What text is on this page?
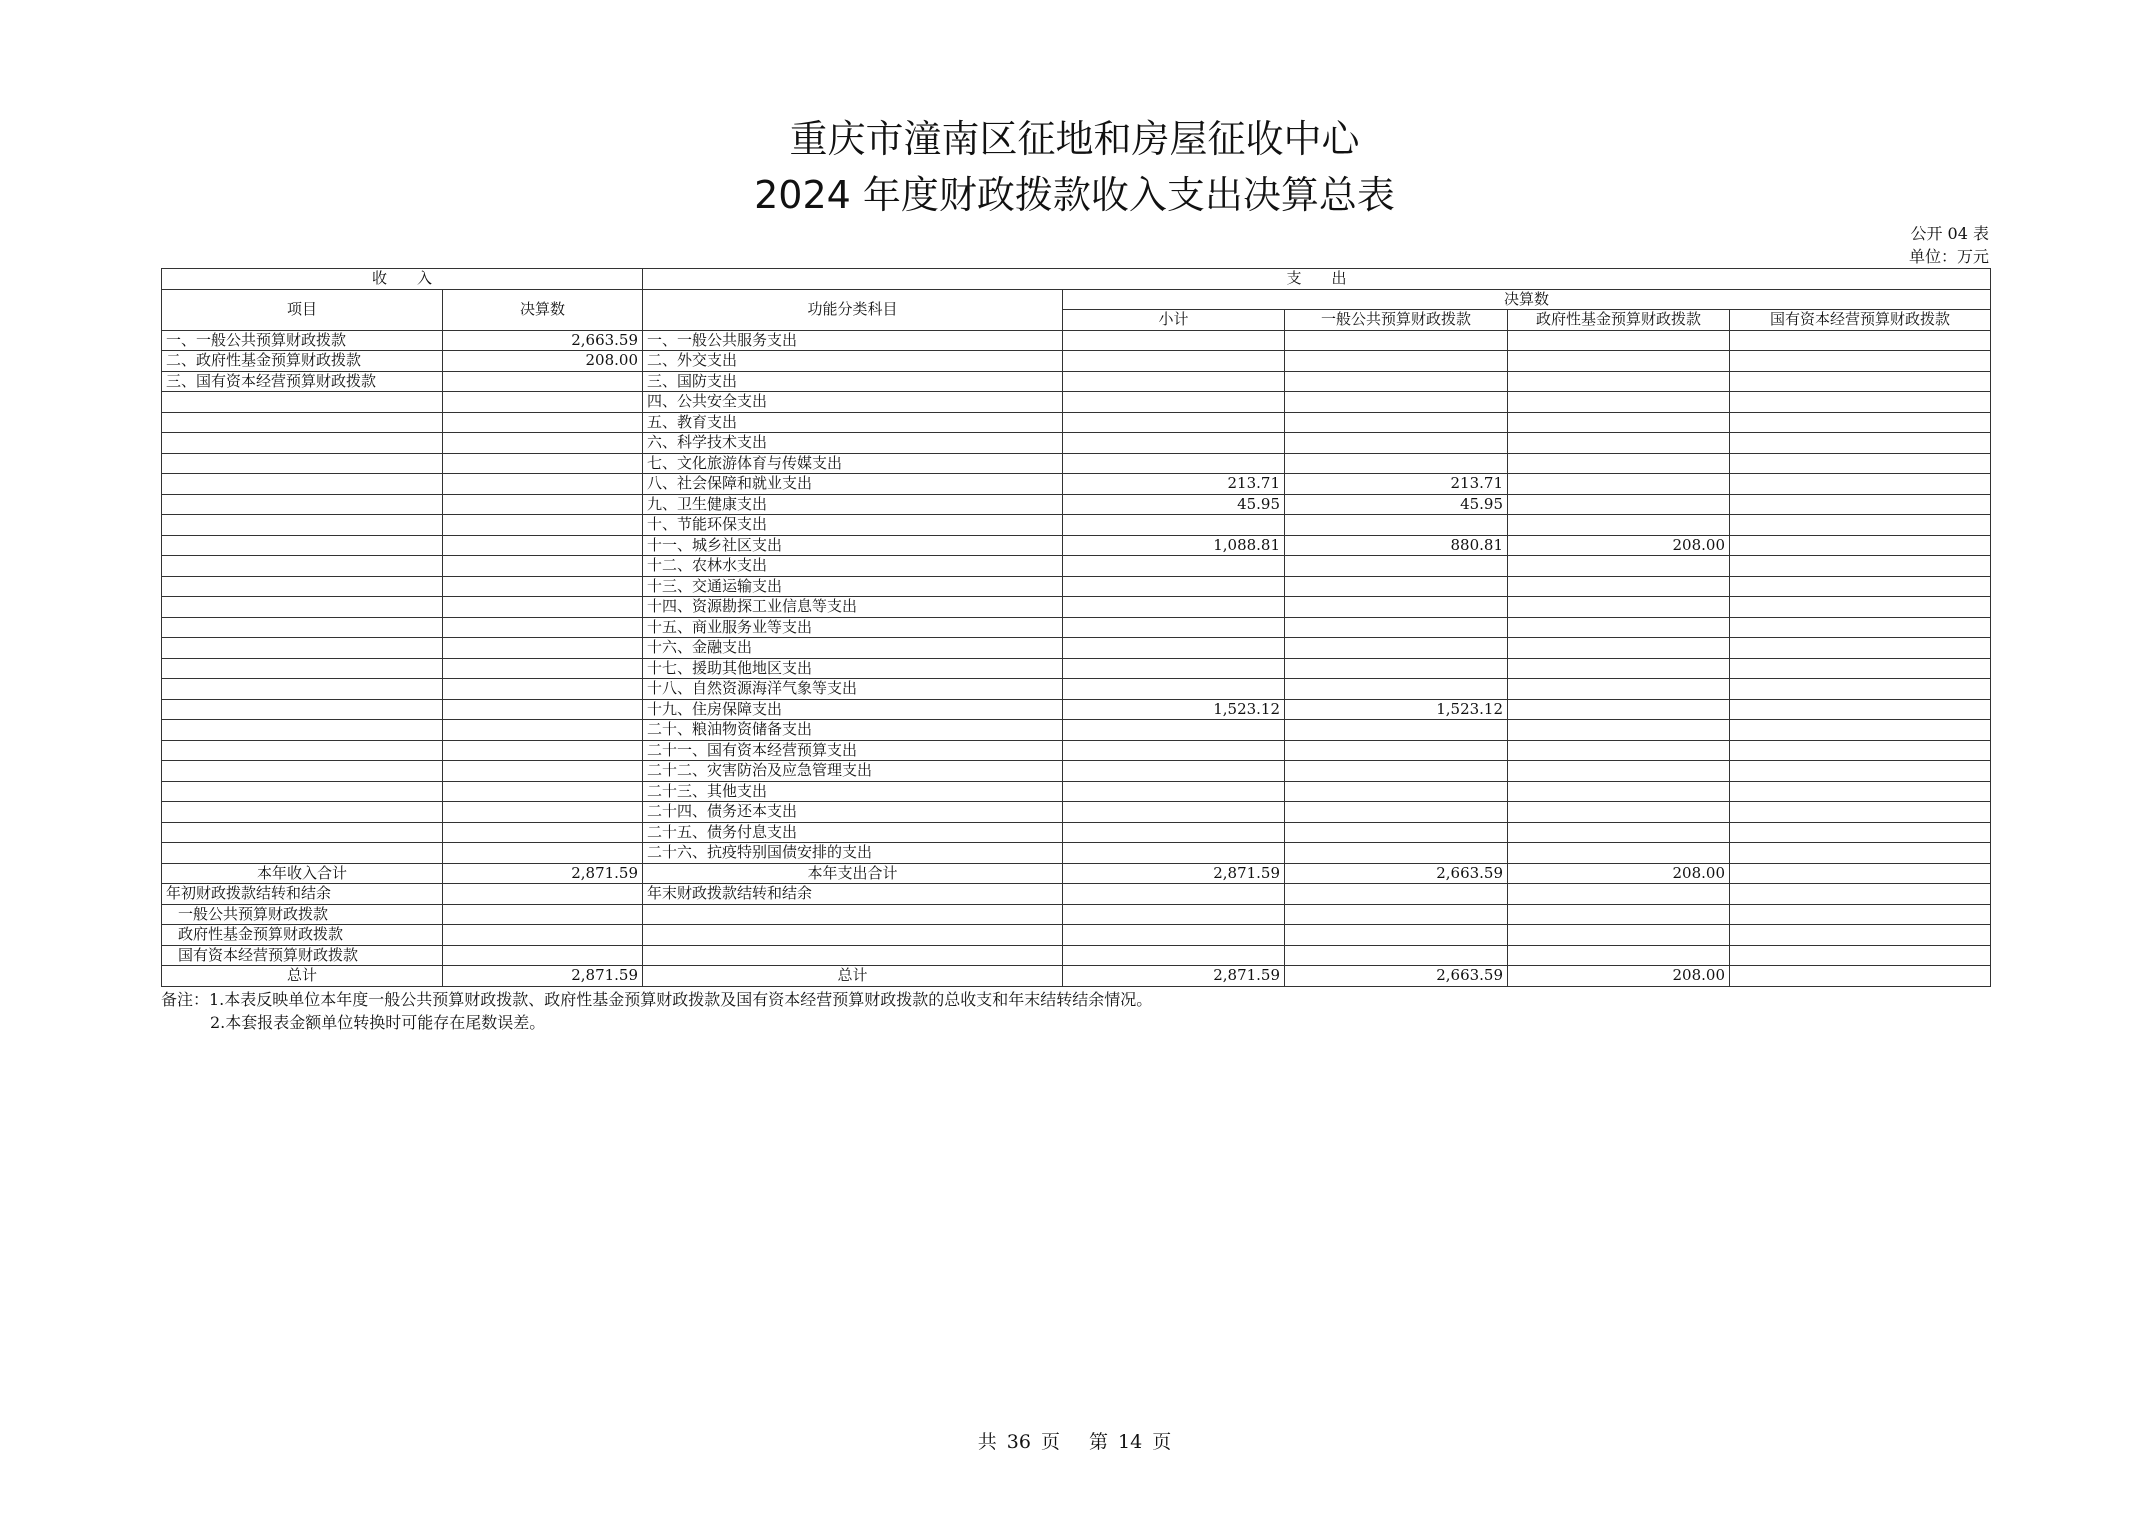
重庆市潼南区征地和房屋征收中心
2024 年度财政拨款收入支出决算总表
公开 04 表
单位：万元
收　　入		支　　出				
项目	决算数	功能分类科目	决算数			
			小计	一般公共预算财政拨款	政府性基金预算财政拨款	国有资本经营预算财政拨款
一、一般公共预算财政拨款	2,663.59	一、一般公共服务支出				
二、政府性基金预算财政拨款	208.00	二、外交支出				
三、国有资本经营预算财政拨款		三、国防支出				
		四、公共安全支出				
		五、教育支出				
		六、科学技术支出				
		七、文化旅游体育与传媒支出				
		八、社会保障和就业支出	213.71	213.71		
		九、卫生健康支出	45.95	45.95		
		十、节能环保支出				
		十一、城乡社区支出	1,088.81	880.81	208.00	
		十二、农林水支出				
		十三、交通运输支出				
		十四、资源勘探工业信息等支出				
		十五、商业服务业等支出				
		十六、金融支出				
		十七、援助其他地区支出				
		十八、自然资源海洋气象等支出				
		十九、住房保障支出	1,523.12	1,523.12		
		二十、粮油物资储备支出				
		二十一、国有资本经营预算支出				
		二十二、灾害防治及应急管理支出				
		二十三、其他支出				
		二十四、债务还本支出				
		二十五、债务付息支出				
		二十六、抗疫特别国债安排的支出				
本年收入合计	2,871.59	本年支出合计	2,871.59	2,663.59	208.00	
年初财政拨款结转和结余		年末财政拨款结转和结余				
一般公共预算财政拨款						
政府性基金预算财政拨款						
国有资本经营预算财政拨款						
总计	2,871.59	总计	2,871.59	2,663.59	208.00	
备注：1.本表反映单位本年度一般公共预算财政拨款、政府性基金预算财政拨款及国有资本经营预算财政拨款的总收支和年末结转结余情况。
2.本套报表金额单位转换时可能存在尾数误差。
共 36 页　 第 14 页
